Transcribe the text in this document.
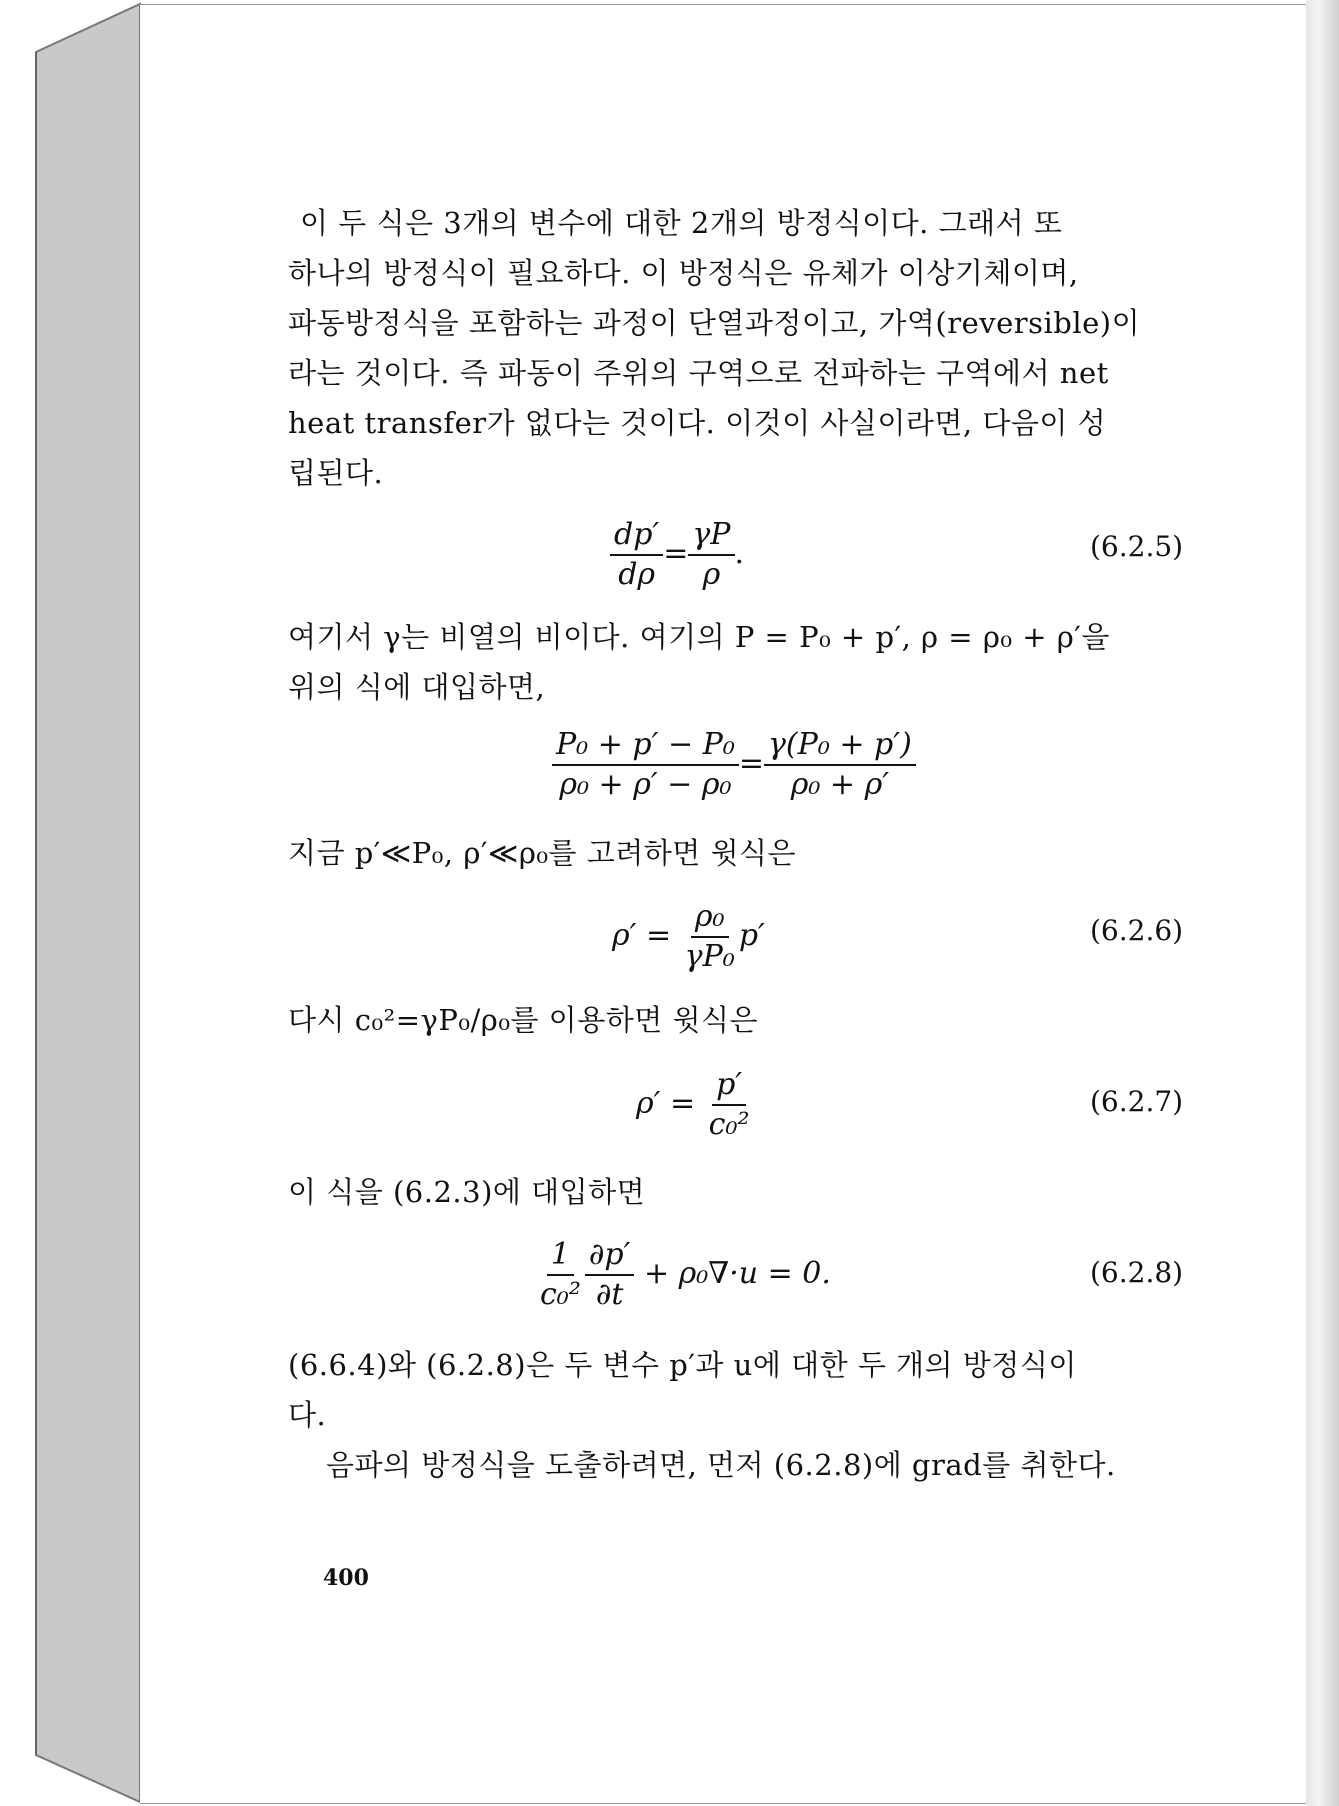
이 두 식은 3개의 변수에 대한 2개의 방정식이다. 그래서 또
하나의 방정식이 필요하다. 이 방정식은 유체가 이상기체이며,
파동방정식을 포함하는 과정이 단열과정이고, 가역(reversible)이
라는 것이다. 즉 파동이 주위의 구역으로 전파하는 구역에서 net
heat transfer가 없다는 것이다. 이것이 사실이라면, 다음이 성
립된다.
$\frac{dp'}{d\rho} = \frac{\gamma P}{\rho}$ .	(6.2.5)
여기서 γ는 비열의 비이다. 여기의 P = P₀ + p′, ρ = ρ₀ + ρ′을
위의 식에 대입하면,
$\frac{\text{P₀ + p′ − P₀}}{\text{ρ₀ + ρ′ − ρ₀}} = \frac{\text{γ(P₀ + p′)}}{\text{ρ₀ + ρ′}}$
지금 p′≪P₀, ρ′≪ρ₀를 고려하면 윗식은
$\rho' = \frac{\text{ρ₀}}{\text{γP₀}} p'$	(6.2.6)
다시 c₀²=γP₀/ρ₀를 이용하면 윗식은
$\rho' = \frac{p'}{\text{c₀²}}$	(6.2.7)
이 식을 (6.2.3)에 대입하면
$\frac{1}{\text{c₀²}} \frac{\partial p'}{\partial t} + \rho_0\nabla\cdot u = 0$.	(6.2.8)
(6.6.4)와 (6.2.8)은 두 변수 p′과 u에 대한 두 개의 방정식이
다.
음파의 방정식을 도출하려면, 먼저 (6.2.8)에 grad를 취한다.
400
